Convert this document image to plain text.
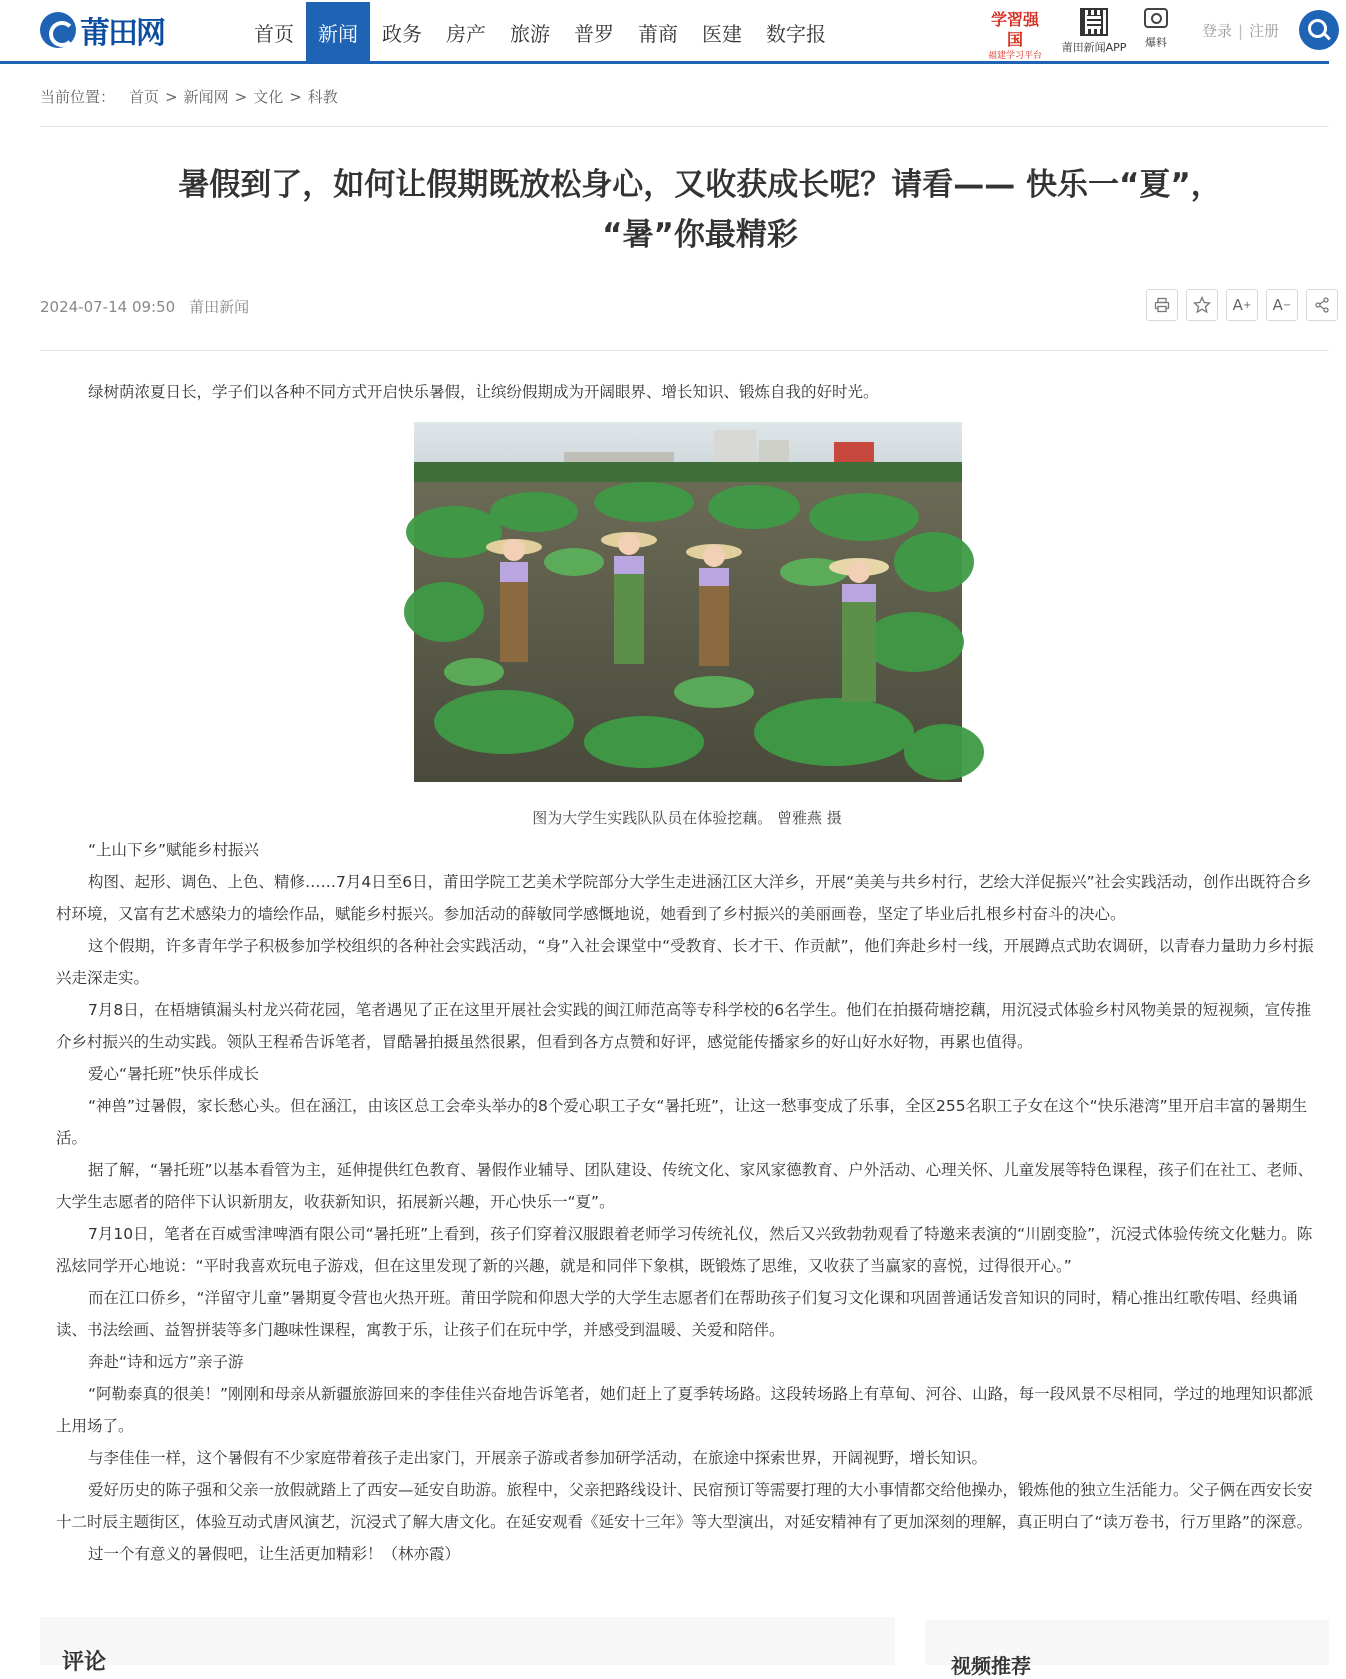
莆田网	首页	新闻	政务	房产	旅游	普罗	莆商	医建	数字报
学習强国
福建学习平台
莆田新闻APP	爆料
登录 | 注册
当前位置： 首页 > 新闻网 > 文化 > 科教
暑假到了，如何让假期既放松身心，又收获成长呢？请看—— 快乐一“夏”，
“暑”你最精彩
2024-07-14 09:50 莆田新闻	A +	A −

绿树荫浓夏日长，学子们以各种不同方式开启快乐暑假，让缤纷假期成为开阔眼界、增长知识、锻炼自我的好时光。

图为大学生实践队队员在体验挖藕。 曾雅燕 摄

“上山下乡”赋能乡村振兴

构图、起形、调色、上色、精修……7月4日至6日，莆田学院工艺美术学院部分大学生走进涵江区大洋乡，开展“美美与共乡村行，艺绘大洋促振兴”社会实践活动，创作出既符合乡村环境，又富有艺术感染力的墙绘作品，赋能乡村振兴。参加活动的薛敏同学感慨地说，她看到了乡村振兴的美丽画卷，坚定了毕业后扎根乡村奋斗的决心。

这个假期，许多青年学子积极参加学校组织的各种社会实践活动，“身”入社会课堂中“受教育、长才干、作贡献”，他们奔赴乡村一线，开展蹲点式助农调研，以青春力量助力乡村振兴走深走实。

7月8日，在梧塘镇漏头村龙兴荷花园，笔者遇见了正在这里开展社会实践的闽江师范高等专科学校的6名学生。他们在拍摄荷塘挖藕，用沉浸式体验乡村风物美景的短视频，宣传推介乡村振兴的生动实践。领队王程希告诉笔者，冒酷暑拍摄虽然很累，但看到各方点赞和好评，感觉能传播家乡的好山好水好物，再累也值得。

爱心“暑托班”快乐伴成长

“神兽”过暑假，家长愁心头。但在涵江，由该区总工会牵头举办的8个爱心职工子女“暑托班”，让这一愁事变成了乐事，全区255名职工子女在这个“快乐港湾”里开启丰富的暑期生活。

据了解，“暑托班”以基本看管为主，延伸提供红色教育、暑假作业辅导、团队建设、传统文化、家风家德教育、户外活动、心理关怀、儿童发展等特色课程，孩子们在社工、老师、大学生志愿者的陪伴下认识新朋友，收获新知识，拓展新兴趣，开心快乐一“夏”。

7月10日，笔者在百威雪津啤酒有限公司“暑托班”上看到，孩子们穿着汉服跟着老师学习传统礼仪，然后又兴致勃勃观看了特邀来表演的“川剧变脸”，沉浸式体验传统文化魅力。陈泓炫同学开心地说：“平时我喜欢玩电子游戏，但在这里发现了新的兴趣，就是和同伴下象棋，既锻炼了思维，又收获了当赢家的喜悦，过得很开心。”

而在江口侨乡，“洋留守儿童”暑期夏令营也火热开班。莆田学院和仰恩大学的大学生志愿者们在帮助孩子们复习文化课和巩固普通话发音知识的同时，精心推出红歌传唱、经典诵读、书法绘画、益智拼装等多门趣味性课程，寓教于乐，让孩子们在玩中学，并感受到温暖、关爱和陪伴。

奔赴“诗和远方”亲子游

“阿勒泰真的很美！”刚刚和母亲从新疆旅游回来的李佳佳兴奋地告诉笔者，她们赶上了夏季转场路。这段转场路上有草甸、河谷、山路，每一段风景不尽相同，学过的地理知识都派上用场了。

与李佳佳一样，这个暑假有不少家庭带着孩子走出家门，开展亲子游或者参加研学活动，在旅途中探索世界，开阔视野，增长知识。

爱好历史的陈子强和父亲一放假就踏上了西安—延安自助游。旅程中，父亲把路线设计、民宿预订等需要打理的大小事情都交给他操办，锻炼他的独立生活能力。父子俩在西安长安十二时辰主题街区，体验互动式唐风演艺，沉浸式了解大唐文化。在延安观看《延安十三年》等大型演出，对延安精神有了更加深刻的理解，真正明白了“读万卷书，行万里路”的深意。

过一个有意义的暑假吧，让生活更加精彩！（林亦霞）

评论	视频推荐
